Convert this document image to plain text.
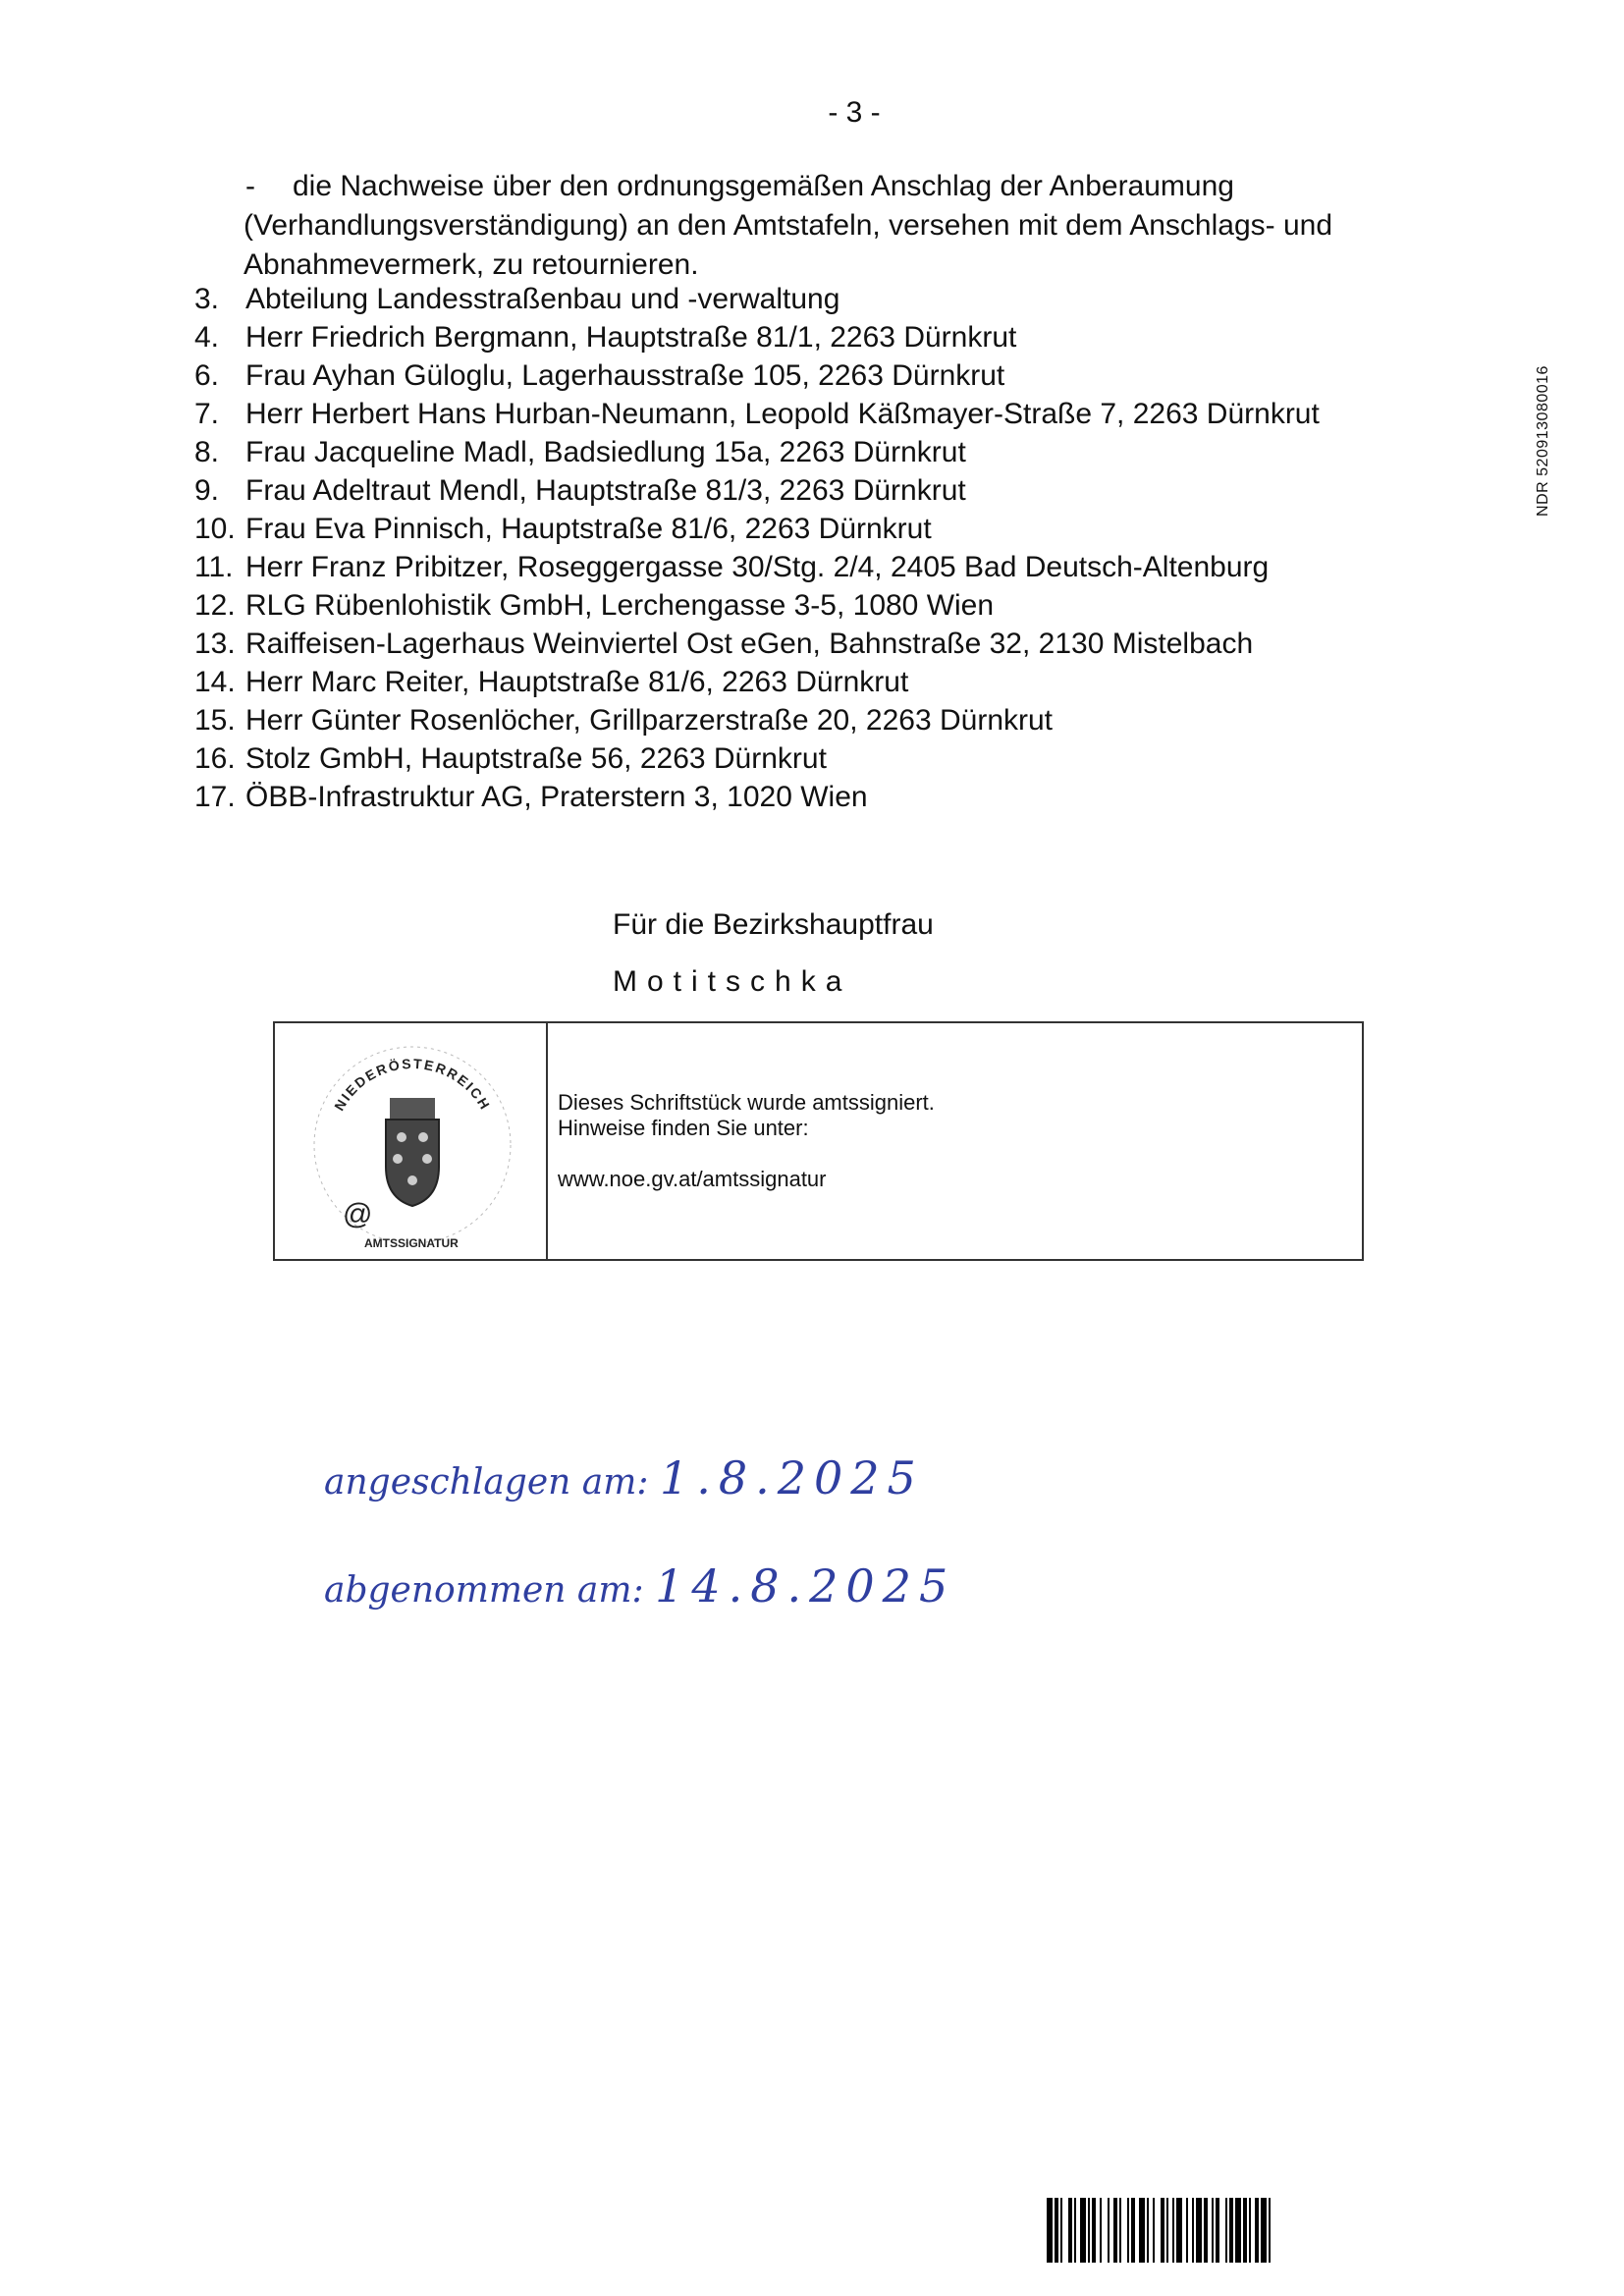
- 3 -
NDR 520913080016
-	die Nachweise über den ordnungsgemäßen Anschlag der Anberaumung
(Verhandlungsverständigung) an den Amtstafeln, versehen mit dem Anschlags- und
Abnahmevermerk, zu retournieren.
3. Abteilung Landesstraßenbau und -verwaltung
4. Herr Friedrich Bergmann, Hauptstraße 81/1, 2263 Dürnkrut
6. Frau Ayhan Güloglu, Lagerhausstraße 105, 2263 Dürnkrut
7. Herr Herbert Hans Hurban-Neumann, Leopold Käßmayer-Straße 7, 2263 Dürnkrut
8. Frau Jacqueline Madl, Badsiedlung 15a, 2263 Dürnkrut
9. Frau Adeltraut Mendl, Hauptstraße 81/3, 2263 Dürnkrut
10. Frau Eva Pinnisch, Hauptstraße 81/6, 2263 Dürnkrut
11. Herr Franz Pribitzer, Roseggergasse 30/Stg. 2/4, 2405 Bad Deutsch-Altenburg
12. RLG Rübenlohistik GmbH, Lerchengasse 3-5, 1080 Wien
13. Raiffeisen-Lagerhaus Weinviertel Ost eGen, Bahnstraße 32, 2130 Mistelbach
14. Herr Marc Reiter, Hauptstraße 81/6, 2263 Dürnkrut
15. Herr Günter Rosenlöcher, Grillparzerstraße 20, 2263 Dürnkrut
16. Stolz GmbH, Hauptstraße 56, 2263 Dürnkrut
17. ÖBB-Infrastruktur AG, Praterstern 3, 1020 Wien
Für die Bezirkshauptfrau
Motitschka
NIEDERÖSTERREICH
@
AMTSSIGNATUR
Dieses Schriftstück wurde amtssigniert.
Hinweise finden Sie unter:
www.noe.gv.at/amtssignatur
angeschlagen am: 1.8.2025
abgenommen am: 14.8.2025
